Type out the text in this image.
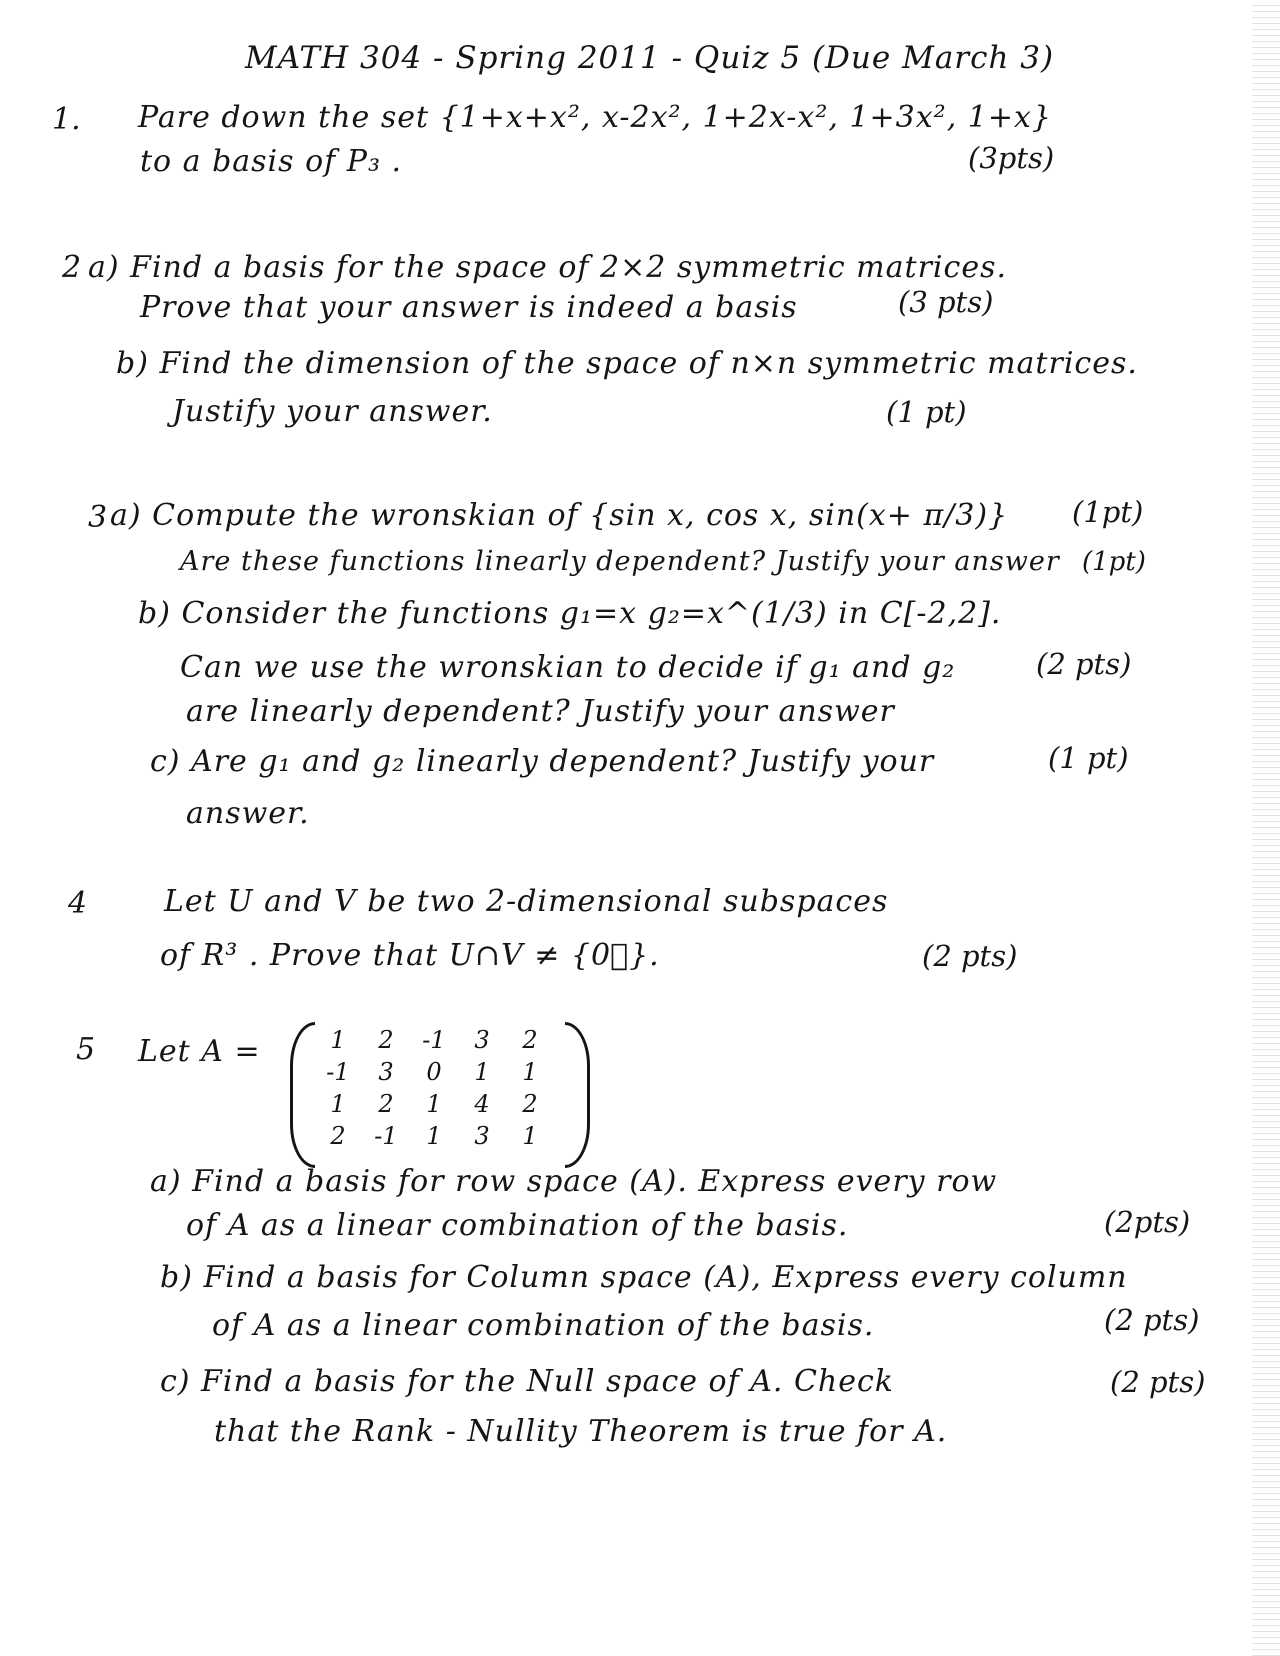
MATH 304 - Spring 2011 - Quiz 5 (Due March 3)
1. Pare down the set {1+x+x², x-2x², 1+2x-x², 1+3x², 1+x}
to a basis of P₃ .	(3pts)
2 a) Find a basis for the space of 2×2 symmetric matrices.
Prove that your answer is indeed a basis	(3 pts)
b) Find the dimension of the space of n×n symmetric matrices.
Justify your answer.	(1 pt)
3 a) Compute the wronskian of {sin x, cos x, sin(x+ π/3)} (1pt)
Are these functions linearly dependent? Justify your answer (1pt)
b) Consider the functions g₁=x g₂=x^(1/3) in C[-2,2].
Can we use the wronskian to decide if g₁ and g₂	(2 pts)
are linearly dependent? Justify your answer
c) Are g₁ and g₂ linearly dependent? Justify your	(1 pt)
answer.
4	Let U and V be two 2-dimensional subspaces
of R³ . Prove that U∩V ≠ {0⃗}.	(2 pts)
5 Let A =	1	2	-1	3	2
-1	3	0	1	1
1	2	1	4	2
2	-1	1	3	1
a) Find a basis for row space (A). Express every row
of A as a linear combination of the basis.	(2pts)
b) Find a basis for Column space (A), Express every column
of A as a linear combination of the basis.	(2 pts)
c) Find a basis for the Null space of A. Check	(2 pts)
that the Rank - Nullity Theorem is true for A.
